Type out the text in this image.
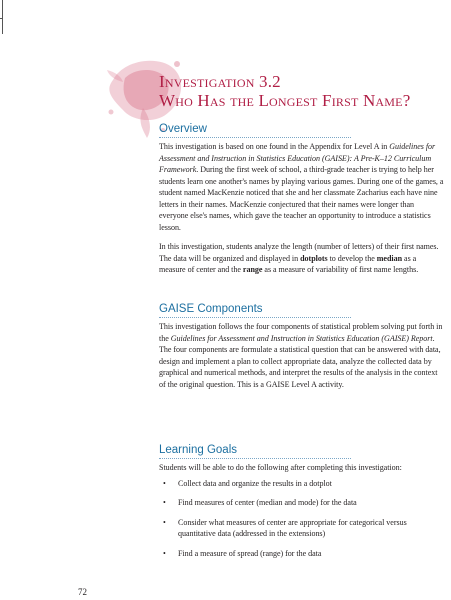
Investigation 3.2
Who Has the Longest First Name?
Overview

This investigation is based on one found in the Appendix for Level A in Guidelines for Assessment and Instruction in Statistics Education (GAISE): A Pre-K–12 Curriculum Framework. During the first week of school, a third-grade teacher is trying to help her students learn one another's names by playing various games. During one of the games, a student named MacKenzie noticed that she and her classmate Zacharius each have nine letters in their names. MacKenzie conjectured that their names were longer than everyone else's names, which gave the teacher an opportunity to introduce a statistics lesson.

In this investigation, students analyze the length (number of letters) of their first names. The data will be organized and displayed in dotplots to develop the median as a measure of center and the range as a measure of variability of first name lengths.

GAISE Components

This investigation follows the four components of statistical problem solving put forth in the Guidelines for Assessment and Instruction in Statistics Education (GAISE) Report. The four components are formulate a statistical question that can be answered with data, design and implement a plan to collect appropriate data, analyze the collected data by graphical and numerical methods, and interpret the results of the analysis in the context of the original question. This is a GAISE Level A activity.

Learning Goals

Students will be able to do the following after completing this investigation:

• Collect data and organize the results in a dotplot
• Find measures of center (median and mode) for the data
• Consider what measures of center are appropriate for categorical versus quantitative data (addressed in the extensions)
• Find a measure of spread (range) for the data
72
